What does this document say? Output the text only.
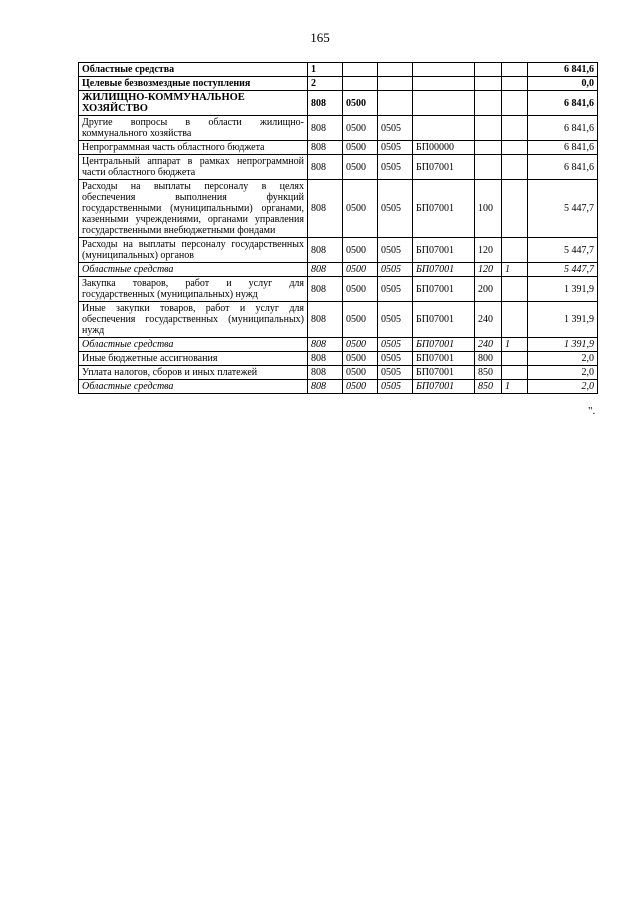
165
Областные средства	1						6 841,6
Целевые безвозмездные поступления	2						0,0
ЖИЛИЩНО-КОММУНАЛЬНОЕ ХОЗЯЙСТВО	808	0500					6 841,6
Другие вопросы в области жилищно-коммунального хозяйства	808	0500	0505				6 841,6
Непрограммная часть областного бюджета	808	0500	0505	БП00000			6 841,6
Центральный аппарат в рамках непрограммной части областного бюджета	808	0500	0505	БП07001			6 841,6
Расходы на выплаты персоналу в целях обеспечения выполнения функций государственными (муниципальными) органами, казенными учреждениями, органами управления государственными внебюджетными фондами	808	0500	0505	БП07001	100		5 447,7
Расходы на выплаты персоналу государственных (муниципальных) органов	808	0500	0505	БП07001	120		5 447,7
Областные средства	808	0500	0505	БП07001	120	1	5 447,7
Закупка товаров, работ и услуг для государственных (муниципальных) нужд	808	0500	0505	БП07001	200		1 391,9
Иные закупки товаров, работ и услуг для обеспечения государственных (муниципальных) нужд	808	0500	0505	БП07001	240		1 391,9
Областные средства	808	0500	0505	БП07001	240	1	1 391,9
Иные бюджетные ассигнования	808	0500	0505	БП07001	800		2,0
Уплата налогов, сборов и иных платежей	808	0500	0505	БП07001	850		2,0
Областные средства	808	0500	0505	БП07001	850	1	2,0
".
